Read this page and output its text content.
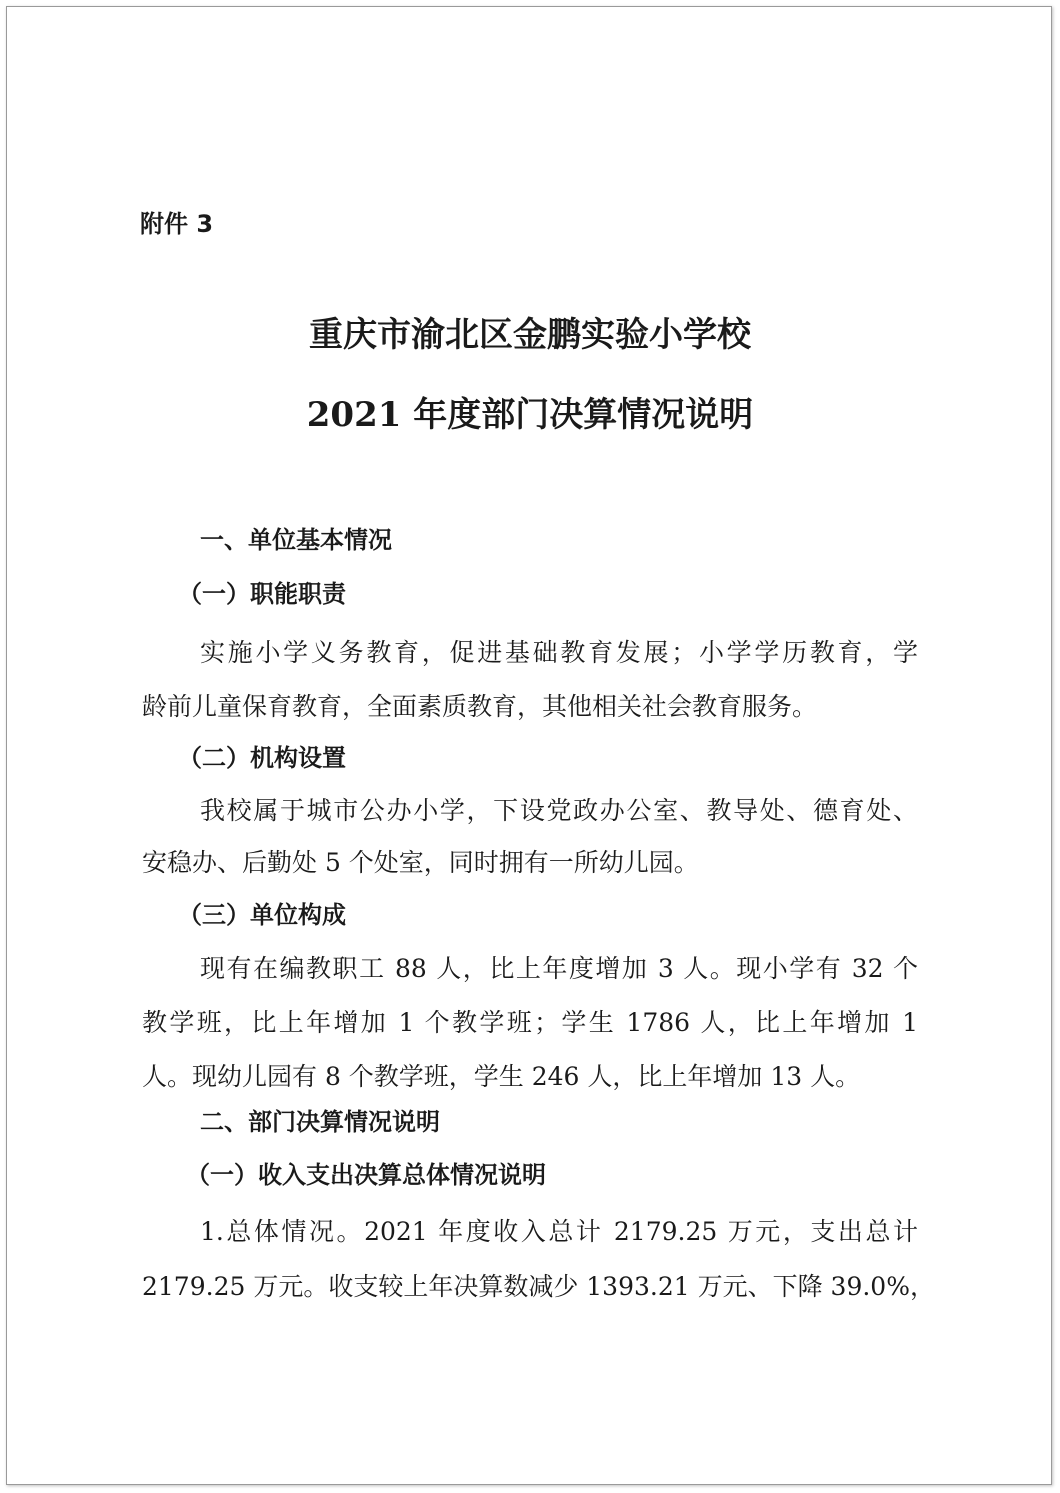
附件 3
重庆市渝北区金鹏实验小学校
2021 年度部门决算情况说明
一、单位基本情况
（一）职能职责
实施小学义务教育，促进基础教育发展；小学学历教育，学
龄前儿童保育教育，全面素质教育，其他相关社会教育服务。
（二）机构设置
我校属于城市公办小学，下设党政办公室、教导处、德育处、
安稳办、后勤处 5 个处室，同时拥有一所幼儿园。
（三）单位构成
现有在编教职工 88 人，比上年度增加 3 人。现小学有 32 个
教学班，比上年增加 1 个教学班；学生 1786 人，比上年增加 1
人。现幼儿园有 8 个教学班，学生 246 人，比上年增加 13 人。
二、部门决算情况说明
（一）收入支出决算总体情况说明
1.总体情况。2021 年度收入总计 2179.25 万元，支出总计
2179.25 万元。收支较上年决算数减少 1393.21 万元、下降 39.0%，
